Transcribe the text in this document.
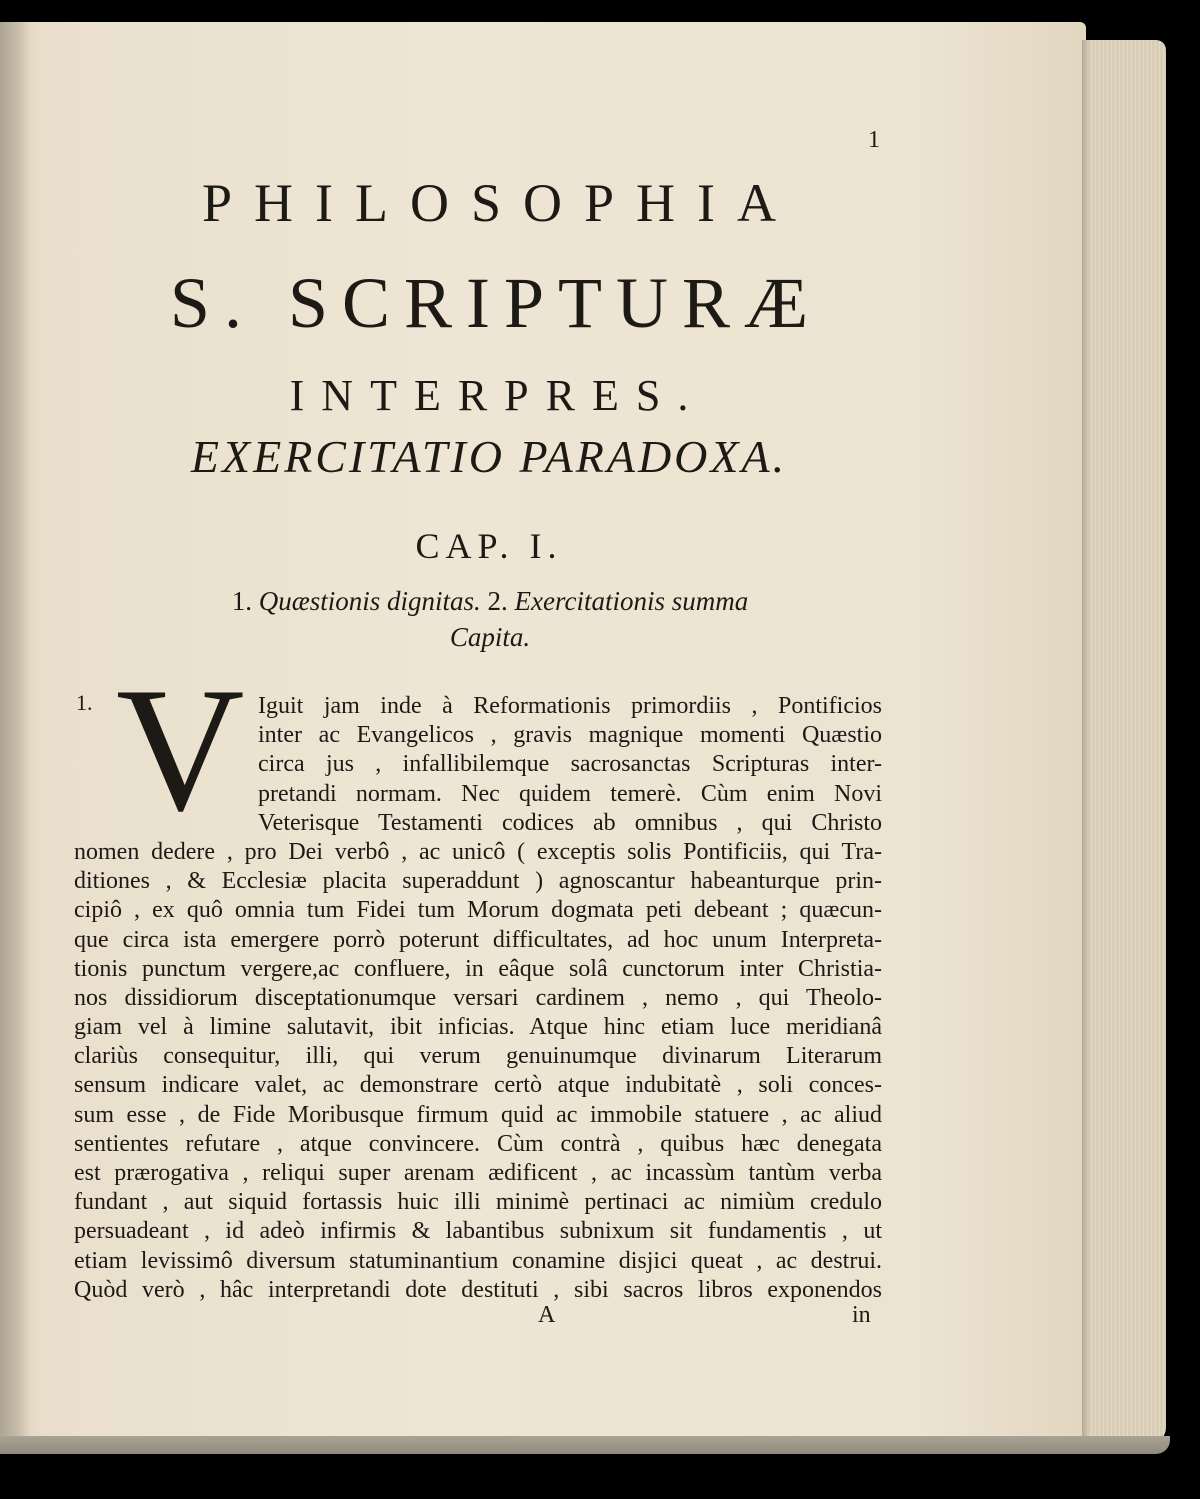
1

PHILOSOPHIA
S. SCRIPTURÆ
INTERPRES.
EXERCITATIO PARADOXA.
CAP. I.

1. Quæstionis dignitas. 2. Exercitationis summa
Capita.

1. V Iguit jam inde à Reformationis primordiis , Pontificios
inter ac Evangelicos , gravis magnique momenti Quæstio
circa jus , infallibilemque sacrosanctas Scripturas inter-
pretandi normam. Nec quidem temerè. Cùm enim Novi
Veterisque Testamenti codices ab omnibus , qui Christo
nomen dedere , pro Dei verbô , ac unicô ( exceptis solis Pontificiis, qui Tra-
ditiones , & Ecclesiæ placita superaddunt ) agnoscantur habeanturque prin-
cipiô , ex quô omnia tum Fidei tum Morum dogmata peti debeant ; quæcun-
que circa ista emergere porrò poterunt difficultates, ad hoc unum Interpreta-
tionis punctum vergere,ac confluere, in eâque solâ cunctorum inter Christia-
nos dissidiorum disceptationumque versari cardinem , nemo , qui Theolo-
giam vel à limine salutavit, ibit inficias. Atque hinc etiam luce meridianâ
clariùs consequitur, illi, qui verum genuinumque divinarum Literarum
sensum indicare valet, ac demonstrare certò atque indubitatè , soli conces-
sum esse , de Fide Moribusque firmum quid ac immobile statuere , ac aliud
sentientes refutare , atque convincere. Cùm contrà , quibus hæc denegata
est prærogativa , reliqui super arenam ædificent , ac incassùm tantùm verba
fundant , aut siquid fortassis huic illi minimè pertinaci ac nimiùm credulo
persuadeant , id adeò infirmis & labantibus subnixum sit fundamentis , ut
etiam levissimô diversum statuminantium conamine disjici queat , ac destrui.
Quòd verò , hâc interpretandi dote destituti , sibi sacros libros exponendos

A	in
